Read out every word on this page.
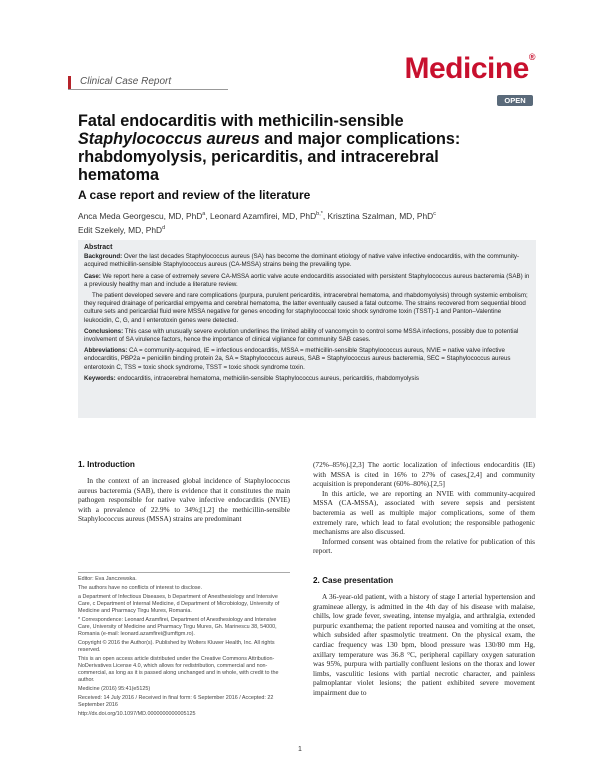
Clinical Case Report	Medicine®
OPEN
Fatal endocarditis with methicilin-sensible
Staphylococcus aureus and major complications:
rhabdomyolysis, pericarditis, and intracerebral
hematoma
A case report and review of the literature
Anca Meda Georgescu, MD, PhD$^a$, Leonard Azamfirei, MD, PhD$^{b,*}$, Krisztina Szalman, MD, PhD$^c$
Edit Szekely, MD, PhD$^d$
Abstract

Background: Over the last decades Staphylococcus aureus (SA) has become the dominant etiology of native valve infective endocarditis, with the community-acquired methicillin-sensible Staphylococcus aureus (CA-MSSA) strains being the prevailing type.

Case: We report here a case of extremely severe CA-MSSA aortic valve acute endocarditis associated with persistent Staphylococcus aureus bacteremia (SAB) in a previously healthy man and include a literature review.

The patient developed severe and rare complications (purpura, purulent pericarditis, intracerebral hematoma, and rhabdomyolysis) through systemic embolism; they required drainage of pericardial empyema and cerebral hematoma, the latter eventually caused a fatal outcome. The strains recovered from sequential blood culture sets and pericardial fluid were MSSA negative for genes encoding for staphylococcal toxic shock syndrome toxin (TSST)-1 and Panton–Valentine leukocidin, C, G, and I enterotoxin genes were detected.

Conclusions: This case with unusually severe evolution underlines the limited ability of vancomycin to control some MSSA infections, possibly due to potential involvement of SA virulence factors, hence the importance of clinical vigilance for community SAB cases.

Abbreviations: CA = community-acquired, IE = infectious endocarditis, MSSA = methicillin-sensible Staphylococcus aureus, NVIE = native valve infective endocarditis, PBP2a = penicillin binding protein 2a, SA = Staphylococcus aureus, SAB = Staphylococcus aureus bacteremia, SEC = Staphylococcus aureus enterotoxin C, TSS = toxic shock syndrome, TSST = toxic shock syndrome toxin.

Keywords: endocarditis, intracerebral hematoma, methicilin-sensible Staphylococcus aureus, pericarditis, rhabdomyolysis

1. Introduction

In the context of an increased global incidence of Staphylococcus aureus bacteremia (SAB), there is evidence that it constitutes the main pathogen responsible for native valve infective endocarditis (NVIE) with a prevalence of 22.9% to 34%;[1,2] the methicillin-sensible Staphylococcus aureus (MSSA) strains are predominant

Editor: Eva Janczewska.

The authors have no conflicts of interest to disclose.

a Department of Infectious Diseases, b Department of Anesthesiology and Intensive Care, c Department of Internal Medicine, d Department of Microbiology, University of Medicine and Pharmacy Tirgu Mures, Romania.

* Correspondence: Leonard Azamfirei, Department of Anesthesiology and Intensive Care, University of Medicine and Pharmacy Tirgu Mures, Gh. Marinescu 38, 54000, Romania (e-mail: leonard.azamfirei@umftgm.ro).

Copyright © 2016 the Author(s). Published by Wolters Kluwer Health, Inc. All rights reserved.

This is an open access article distributed under the Creative Commons Attribution-NoDerivatives License 4.0, which allows for redistribution, commercial and non-commercial, as long as it is passed along unchanged and in whole, with credit to the author.

Medicine (2016) 95:41(e5125)

Received: 14 July 2016 / Received in final form: 6 September 2016 / Accepted: 22 September 2016

http://dx.doi.org/10.1097/MD.0000000000005125

(72%–85%).[2,3] The aortic localization of infectious endocarditis (IE) with MSSA is cited in 16% to 27% of cases,[2,4] and community acquisition is preponderant (60%–80%).[2,5]

In this article, we are reporting an NVIE with community-acquired MSSA (CA-MSSA), associated with severe sepsis and persistent bacteremia as well as multiple major complications, some of them extremely rare, which lead to fatal evolution; the responsible pathogenic mechanisms are also discussed.

Informed consent was obtained from the relative for publication of this report.

2. Case presentation

A 36-year-old patient, with a history of stage I arterial hypertension and gramineae allergy, is admitted in the 4th day of his disease with malaise, chills, low grade fever, sweating, intense myalgia, and arthralgia, extended purpuric exanthema; the patient reported nausea and vomiting at the onset, which subsided after spasmolytic treatment. On the physical exam, the cardiac frequency was 130 bpm, blood pressure was 130/80 mm Hg, axillary temperature was 36.8 °C, peripheral capillary oxygen saturation was 95%, purpura with partially confluent lesions on the thorax and lower limbs, vasculitic lesions with partial necrotic character, and painless palmoplantar violet lesions; the patient exhibited severe movement impairment due to

1
